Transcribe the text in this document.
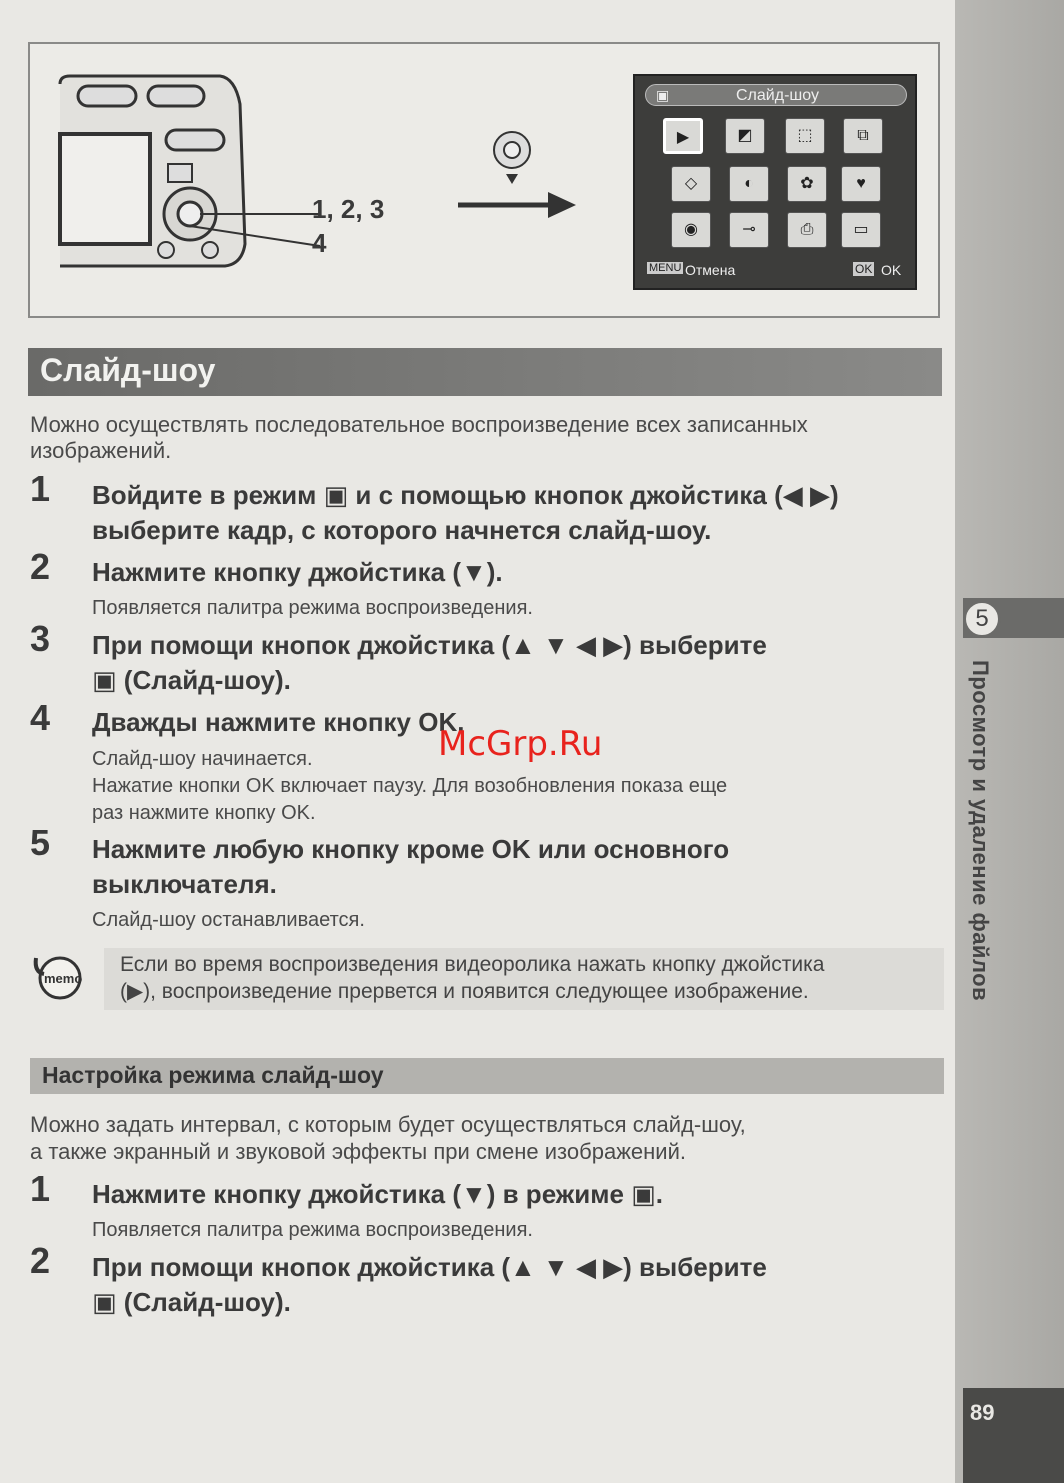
5
Просмотр и удаление файлов
89
1, 2, 3
4
▣	Слайд-шоу
▶	◩	⬚	⧉
◇	◐	✿	♥
◉	⊸	⎙	▭
MENU Отмена	OK OK
Слайд-шоу
Можно осуществлять последовательное воспроизведение всех записанных
изображений.
1 Войдите в режим ▣ и с помощью кнопок джойстика (◀ ▶)
выберите кадр, с которого начнется слайд-шоу.
2 Нажмите кнопку джойстика (▼).
Появляется палитра режима воспроизведения.
3 При помощи кнопок джойстика (▲ ▼ ◀ ▶) выберите
▣ (Слайд-шоу).
4 Дважды нажмите кнопку OK.
Слайд-шоу начинается.
Нажатие кнопки OK включает паузу. Для возобновления показа еще
раз нажмите кнопку OK.
5 Нажмите любую кнопку кроме OK или основного
выключателя.
Слайд-шоу останавливается.
memo
Если во время воспроизведения видеоролика нажать кнопку джойстика
(▶), воспроизведение прервется и появится следующее изображение.
Настройка режима слайд-шоу
Можно задать интервал, с которым будет осуществляться слайд-шоу,
а также экранный и звуковой эффекты при смене изображений.
1 Нажмите кнопку джойстика (▼) в режиме ▣.
Появляется палитра режима воспроизведения.
2 При помощи кнопок джойстика (▲ ▼ ◀ ▶) выберите
▣ (Слайд-шоу).
McGrp.Ru
